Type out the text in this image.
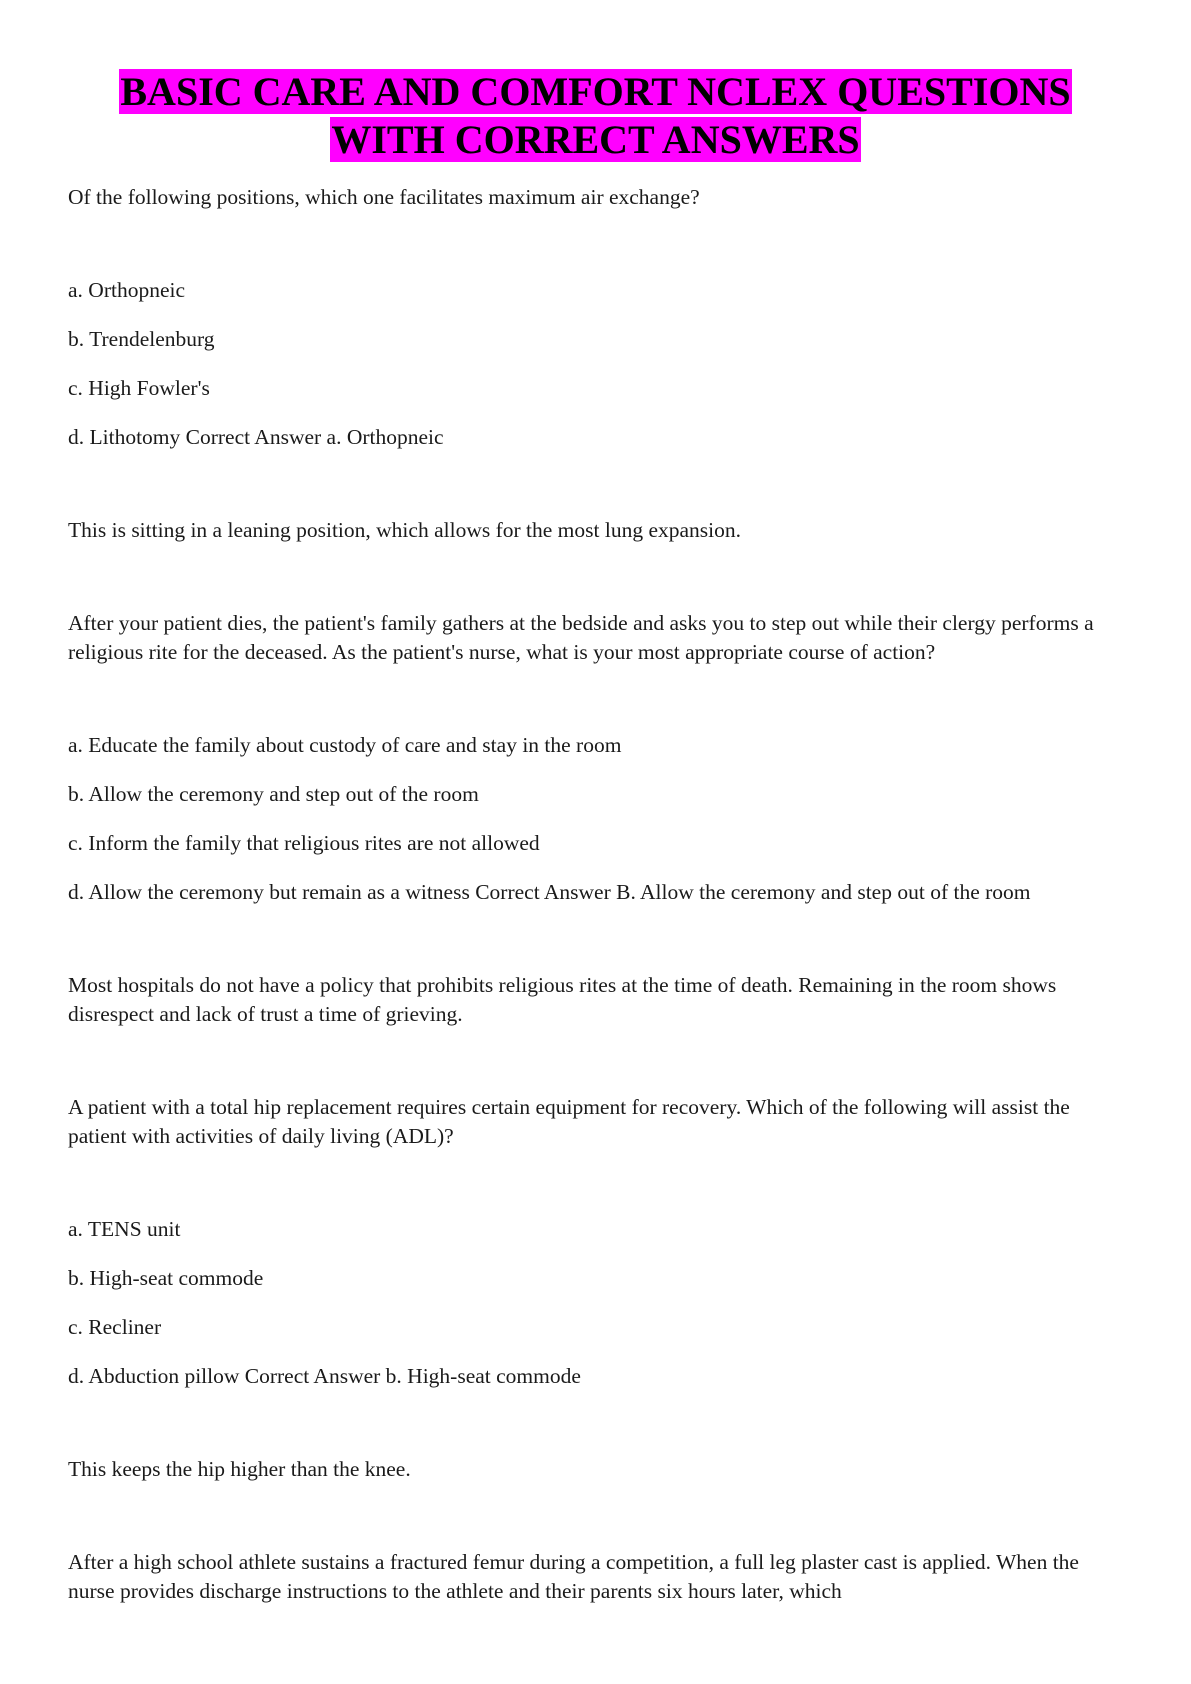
BASIC CARE AND COMFORT NCLEX QUESTIONS
WITH CORRECT ANSWERS

Of the following positions, which one facilitates maximum air exchange?

a. Orthopneic

b. Trendelenburg

c. High Fowler's

d. Lithotomy Correct Answer a. Orthopneic

This is sitting in a leaning position, which allows for the most lung expansion.

After your patient dies, the patient's family gathers at the bedside and asks you to step out while their clergy performs a religious rite for the deceased. As the patient's nurse, what is your most appropriate course of action?

a. Educate the family about custody of care and stay in the room

b. Allow the ceremony and step out of the room

c. Inform the family that religious rites are not allowed

d. Allow the ceremony but remain as a witness Correct Answer B. Allow the ceremony and step out of the room

Most hospitals do not have a policy that prohibits religious rites at the time of death. Remaining in the room shows disrespect and lack of trust a time of grieving.

A patient with a total hip replacement requires certain equipment for recovery. Which of the following will assist the patient with activities of daily living (ADL)?

a. TENS unit

b. High-seat commode

c. Recliner

d. Abduction pillow Correct Answer b. High-seat commode

This keeps the hip higher than the knee.

After a high school athlete sustains a fractured femur during a competition, a full leg plaster cast is applied. When the nurse provides discharge instructions to the athlete and their parents six hours later, which
